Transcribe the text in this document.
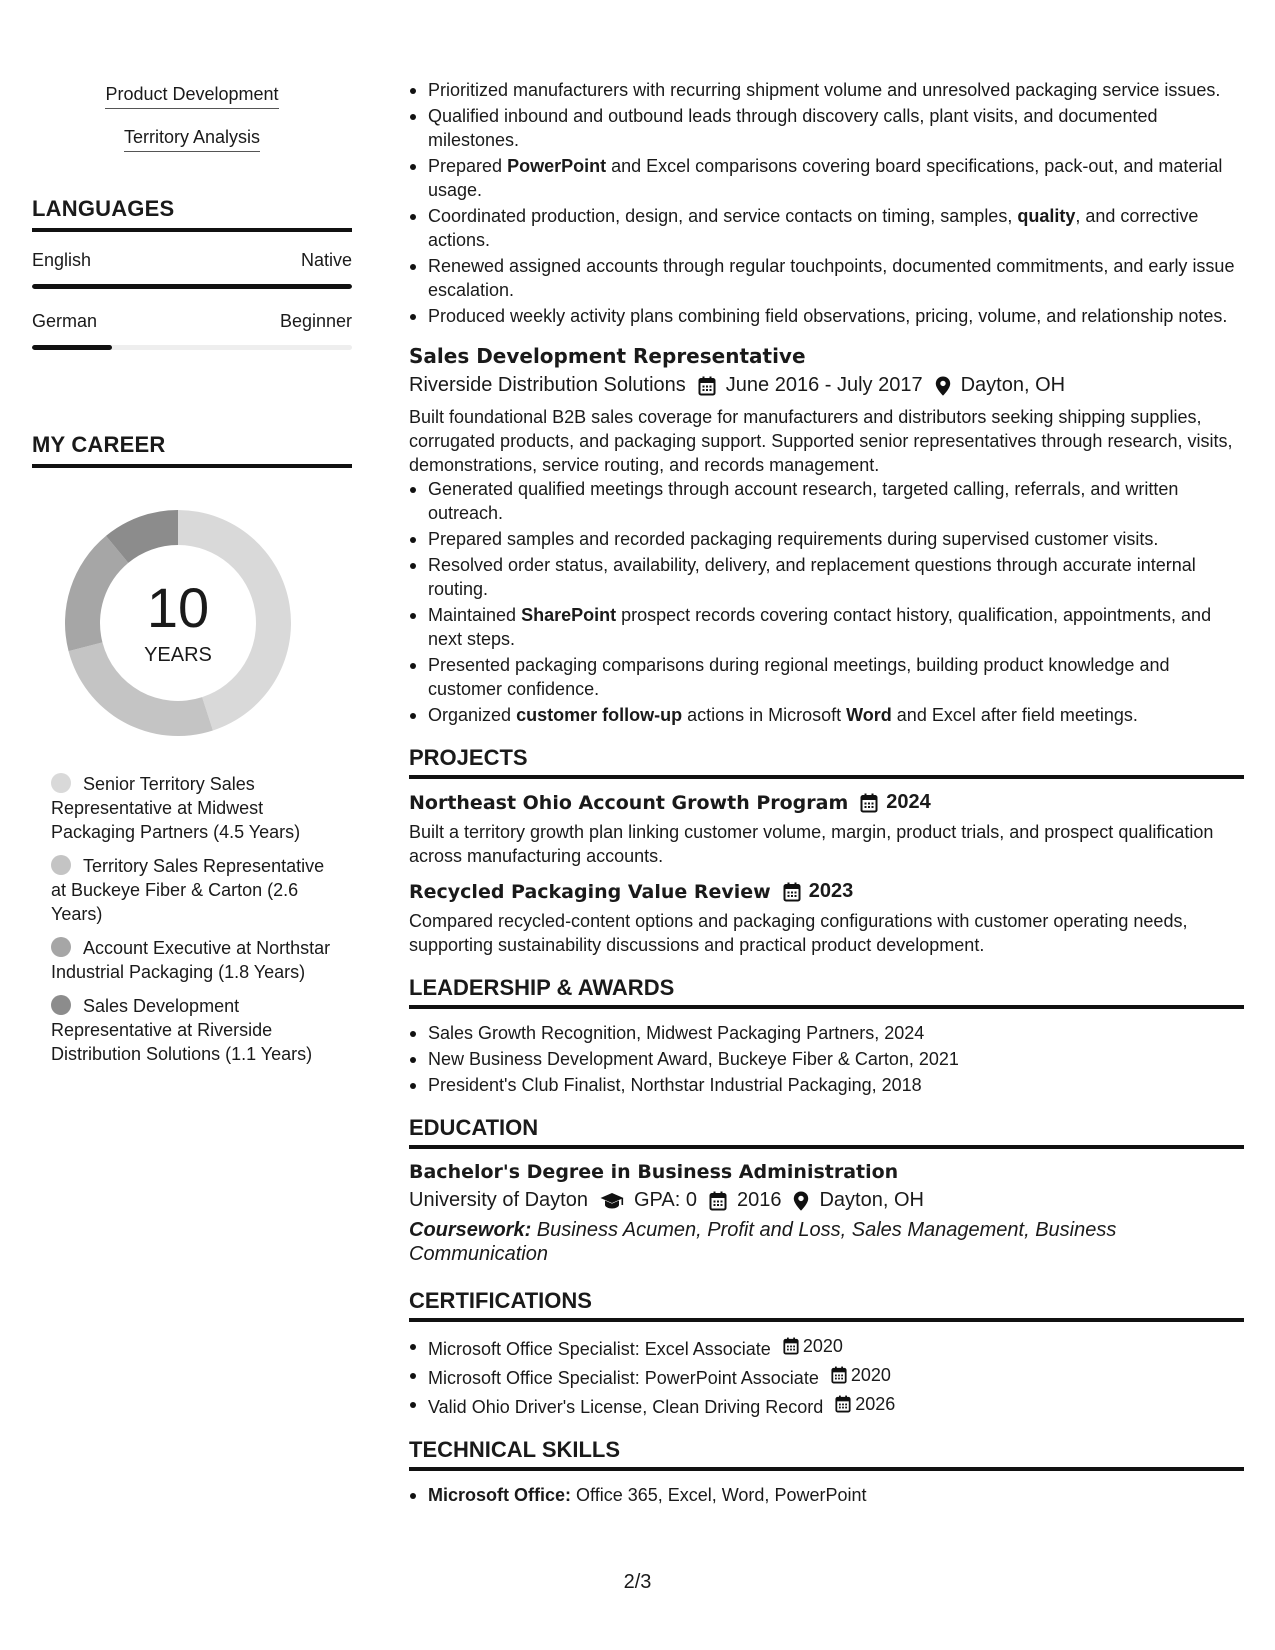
Product Development
Territory Analysis
LANGUAGES
English	Native
German	Beginner
MY CAREER
10
YEARS
Senior Territory Sales Representative at Midwest Packaging Partners (4.5 Years)
Territory Sales Representative at Buckeye Fiber & Carton (2.6 Years)
Account Executive at Northstar Industrial Packaging (1.8 Years)
Sales Development Representative at Riverside Distribution Solutions (1.1 Years)
Prioritized manufacturers with recurring shipment volume and unresolved packaging service issues.
Qualified inbound and outbound leads through discovery calls, plant visits, and documented milestones.
Prepared PowerPoint and Excel comparisons covering board specifications, pack-out, and material usage.
Coordinated production, design, and service contacts on timing, samples, quality, and corrective actions.
Renewed assigned accounts through regular touchpoints, documented commitments, and early issue escalation.
Produced weekly activity plans combining field observations, pricing, volume, and relationship notes.
Sales Development Representative
Riverside Distribution Solutions June 2016 - July 2017 Dayton, OH
Built foundational B2B sales coverage for manufacturers and distributors seeking shipping supplies, corrugated products, and packaging support. Supported senior representatives through research, visits, demonstrations, service routing, and records management.
Generated qualified meetings through account research, targeted calling, referrals, and written outreach.
Prepared samples and recorded packaging requirements during supervised customer visits.
Resolved order status, availability, delivery, and replacement questions through accurate internal routing.
Maintained SharePoint prospect records covering contact history, qualification, appointments, and next steps.
Presented packaging comparisons during regional meetings, building product knowledge and customer confidence.
Organized customer follow-up actions in Microsoft Word and Excel after field meetings.
PROJECTS
Northeast Ohio Account Growth Program 2024
Built a territory growth plan linking customer volume, margin, product trials, and prospect qualification across manufacturing accounts.
Recycled Packaging Value Review 2023
Compared recycled-content options and packaging configurations with customer operating needs, supporting sustainability discussions and practical product development.
LEADERSHIP & AWARDS
Sales Growth Recognition, Midwest Packaging Partners, 2024
New Business Development Award, Buckeye Fiber & Carton, 2021
President's Club Finalist, Northstar Industrial Packaging, 2018
EDUCATION
Bachelor's Degree in Business Administration
University of Dayton GPA: 0 2016 Dayton, OH
Coursework: Business Acumen, Profit and Loss, Sales Management, Business Communication
CERTIFICATIONS
Microsoft Office Specialist: Excel Associate 2020
Microsoft Office Specialist: PowerPoint Associate 2020
Valid Ohio Driver's License, Clean Driving Record 2026
TECHNICAL SKILLS
Microsoft Office: Office 365, Excel, Word, PowerPoint
2/3
